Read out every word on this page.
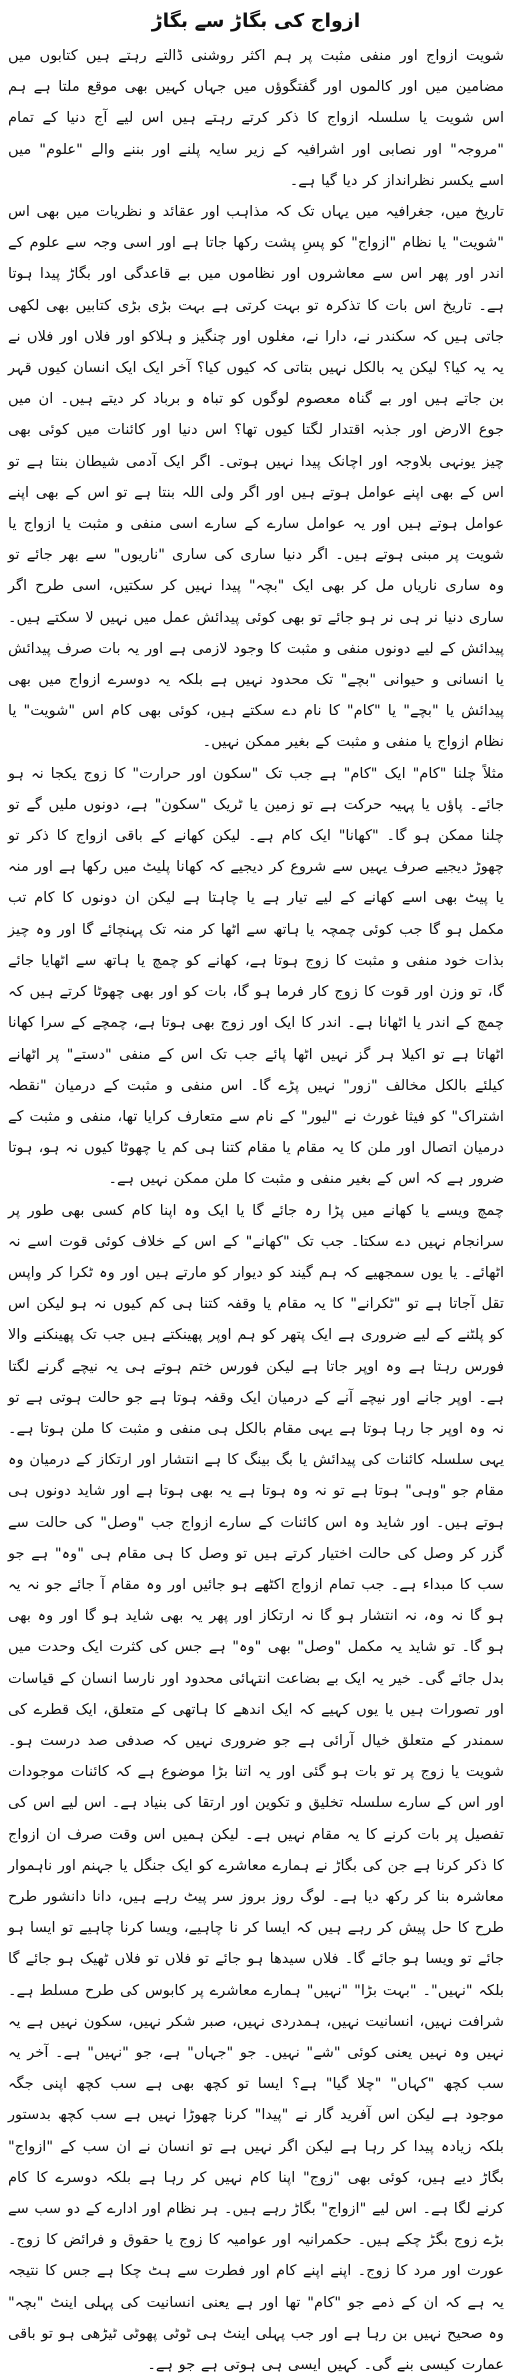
ازواج کی بگاڑ سے بگاڑ

شویت ازواج اور منفی مثبت پر ہم اکثر روشنی ڈالتے رہتے ہیں کتابوں میں مضامین میں اور کالموں اور گفتگوؤں میں جہاں کہیں بھی موقع ملتا ہے ہم اس شویت یا سلسلہ ازواج کا ذکر کرتے رہتے ہیں اس لیے آج دنیا کے تمام "مروجہ" اور نصابی اور اشرافیہ کے زیر سایہ پلنے اور بننے والے "علوم" میں اسے یکسر نظرانداز کر دیا گیا ہے۔

تاریخ میں، جغرافیہ میں یہاں تک کہ مذاہب اور عقائد و نظریات میں بھی اس "شویت" یا نظام "ازواج" کو پسِ پشت رکھا جاتا ہے اور اسی وجہ سے علوم کے اندر اور پھر اس سے معاشروں اور نظاموں میں بے قاعدگی اور بگاڑ پیدا ہوتا ہے۔ تاریخ اس بات کا تذکرہ تو بہت کرتی ہے بہت بڑی بڑی کتابیں بھی لکھی جاتی ہیں کہ سکندر نے، دارا نے، مغلوں اور چنگیز و ہلاکو اور فلاں اور فلاں نے یہ یہ کیا؟ لیکن یہ بالکل نہیں بتاتی کہ کیوں کیا؟ آخر ایک ایک انسان کیوں قہر بن جاتے ہیں اور بے گناہ معصوم لوگوں کو تباہ و برباد کر دیتے ہیں۔ ان میں جوع الارض اور جذبہ اقتدار لگتا کیوں تھا؟ اس دنیا اور کائنات میں کوئی بھی چیز یونہی بلاوجہ اور اچانک پیدا نہیں ہوتی۔ اگر ایک آدمی شیطان بنتا ہے تو اس کے بھی اپنے عوامل ہوتے ہیں اور اگر ولی اللہ بنتا ہے تو اس کے بھی اپنے عوامل ہوتے ہیں اور یہ عوامل سارے کے سارے اسی منفی و مثبت یا ازواج یا شویت پر مبنی ہوتے ہیں۔ اگر دنیا ساری کی ساری "ناریوں" سے بھر جائے تو وہ ساری ناریاں مل کر بھی ایک "بچہ" پیدا نہیں کر سکتیں، اسی طرح اگر ساری دنیا نر ہی نر ہو جائے تو بھی کوئی پیدائش عمل میں نہیں لا سکتے ہیں۔ پیدائش کے لیے دونوں منفی و مثبت کا وجود لازمی ہے اور یہ بات صرف پیدائش یا انسانی و حیوانی "بچے" تک محدود نہیں ہے بلکہ یہ دوسرے ازواج میں بھی پیدائش یا "بچے" یا "کام" کا نام دے سکتے ہیں، کوئی بھی کام اس "شویت" یا نظام ازواج یا منفی و مثبت کے بغیر ممکن نہیں۔

مثلاً چلنا "کام" ایک "کام" ہے جب تک "سکون اور حرارت" کا زوج یکجا نہ ہو جائے۔ پاؤں یا پہیہ حرکت ہے تو زمین یا ٹریک "سکون" ہے، دونوں ملیں گے تو چلنا ممکن ہو گا۔ "کھانا" ایک کام ہے۔ لیکن کھانے کے باقی ازواج کا ذکر تو چھوڑ دیجیے صرف یہیں سے شروع کر دیجیے کہ کھانا پلیٹ میں رکھا ہے اور منہ یا پیٹ بھی اسے کھانے کے لیے تیار ہے یا چاہتا ہے لیکن ان دونوں کا کام تب مکمل ہو گا جب کوئی چمچہ یا ہاتھ سے اٹھا کر منہ تک پہنچائے گا اور وہ چیز بذات خود منفی و مثبت کا زوج ہوتا ہے، کھانے کو چمچ یا ہاتھ سے اٹھایا جائے گا، تو وزن اور قوت کا زوج کار فرما ہو گا، بات کو اور بھی چھوٹا کرتے ہیں کہ چمچ کے اندر یا اٹھانا ہے۔ اندر کا ایک اور زوج بھی ہوتا ہے، چمچے کے سرا کھانا اٹھاتا ہے تو اکیلا ہر گز نہیں اٹھا پائے جب تک اس کے منفی "دستے" پر اٹھانے کیلئے بالکل مخالف "زور" نہیں پڑے گا۔ اس منفی و مثبت کے درمیان "نقطہ اشتراک" کو فیثا غورث نے "لیور" کے نام سے متعارف کرایا تھا، منفی و مثبت کے درمیان اتصال اور ملن کا یہ مقام یا مقام کتنا ہی کم یا چھوٹا کیوں نہ ہو، ہوتا ضرور ہے کہ اس کے بغیر منفی و مثبت کا ملن ممکن نہیں ہے۔

چمچ ویسے یا کھانے میں پڑا رہ جائے گا یا ایک وہ اپنا کام کسی بھی طور پر سرانجام نہیں دے سکتا۔ جب تک "کھانے" کے اس کے خلاف کوئی قوت اسے نہ اٹھائے۔ یا یوں سمجھیے کہ ہم گیند کو دیوار کو مارتے ہیں اور وہ ٹکرا کر واپس تقل آجاتا ہے تو "ٹکرانے" کا یہ مقام یا وقفہ کتنا ہی کم کیوں نہ ہو لیکن اس کو پلٹنے کے لیے ضروری ہے ایک پتھر کو ہم اوپر پھینکتے ہیں جب تک پھینکنے والا فورس رہتا ہے وہ اوپر جاتا ہے لیکن فورس ختم ہوتے ہی یہ نیچے گرنے لگتا ہے۔ اوپر جانے اور نیچے آنے کے درمیان ایک وقفہ ہوتا ہے جو حالت ہوتی ہے تو نہ وہ اوپر جا رہا ہوتا ہے یہی مقام بالکل ہی منفی و مثبت کا ملن ہوتا ہے۔ یہی سلسلہ کائنات کی پیدائش یا بگ بینگ کا ہے انتشار اور ارتکاز کے درمیان وہ مقام جو "وہی" ہوتا ہے تو نہ وہ ہوتا ہے یہ بھی ہوتا ہے اور شاید دونوں ہی ہوتے ہیں۔ اور شاید وہ اس کائنات کے سارے ازواج جب "وصل" کی حالت سے گزر کر وصل کی حالت اختیار کرتے ہیں تو وصل کا ہی مقام ہی "وہ" ہے جو سب کا مبداء ہے۔ جب تمام ازواج اکٹھے ہو جائیں اور وہ مقام آ جائے جو نہ یہ ہو گا نہ وہ، نہ انتشار ہو گا نہ ارتکاز اور پھر یہ بھی شاید ہو گا اور وہ بھی ہو گا۔ تو شاید یہ مکمل "وصل" بھی "وہ" ہے جس کی کثرت ایک وحدت میں بدل جائے گی۔ خیر یہ ایک بے بضاعت انتہائی محدود اور نارسا انسان کے قیاسات اور تصورات ہیں یا یوں کہیے کہ ایک اندھے کا ہاتھی کے متعلق، ایک قطرے کی سمندر کے متعلق خیال آرائی ہے جو ضروری نہیں کہ صدفی صد درست ہو۔ شویت یا زوج پر تو بات ہو گئی اور یہ اتنا بڑا موضوع ہے کہ کائنات موجودات اور اس کے سارے سلسلہ تخلیق و تکوین اور ارتقا کی بنیاد ہے۔ اس لیے اس کی تفصیل پر بات کرنے کا یہ مقام نہیں ہے۔ لیکن ہمیں اس وقت صرف ان ازواج کا ذکر کرنا ہے جن کی بگاڑ نے ہمارے معاشرے کو ایک جنگل یا جہنم اور ناہموار معاشرہ بنا کر رکھ دیا ہے۔ لوگ روز بروز سر پیٹ رہے ہیں، دانا دانشور طرح طرح کا حل پیش کر رہے ہیں کہ ایسا کر نا چاہیے، ویسا کرنا چاہیے تو ایسا ہو جائے تو ویسا ہو جائے گا۔ فلاں سیدھا ہو جائے تو فلاں تو فلاں ٹھیک ہو جائے گا بلکہ "نہیں"۔ "بہت بڑا" "نہیں" ہمارے معاشرے پر کابوس کی طرح مسلط ہے۔ شرافت نہیں، انسانیت نہیں، ہمدردی نہیں، صبر شکر نہیں، سکون نہیں ہے یہ نہیں وہ نہیں یعنی کوئی "شے" نہیں۔ جو "جہاں" ہے، جو "نہیں" ہے۔ آخر یہ سب کچھ "کہاں" "چلا گیا" ہے؟ ایسا تو کچھ بھی ہے سب کچھ اپنی جگہ موجود ہے لیکن اس آفرید گار نے "پیدا" کرنا چھوڑا نہیں ہے سب کچھ بدستور بلکہ زیادہ پیدا کر رہا ہے لیکن اگر نہیں ہے تو انسان نے ان سب کے "ازواج" بگاڑ دیے ہیں، کوئی بھی "زوج" اپنا کام نہیں کر رہا ہے بلکہ دوسرے کا کام کرنے لگا ہے۔ اس لیے "ازواج" بگاڑ رہے ہیں۔ ہر نظام اور ادارے کے دو سب سے بڑے زوج بگڑ چکے ہیں۔ حکمرانیہ اور عوامیہ کا زوج یا حقوق و فرائض کا زوج۔ عورت اور مرد کا زوج۔ اپنے اپنے کام اور فطرت سے ہٹ چکا ہے جس کا نتیجہ یہ ہے کہ ان کے ذمے جو "کام" تھا اور ہے یعنی انسانیت کی پہلی اینٹ "بچہ" وہ صحیح نہیں بن رہا ہے اور جب پہلی اینٹ ہی ٹوٹی پھوٹی ٹیڑھی ہو تو باقی عمارت کیسی بنے گی۔ کہیں ایسی ہی ہوتی ہے جو ہے۔
